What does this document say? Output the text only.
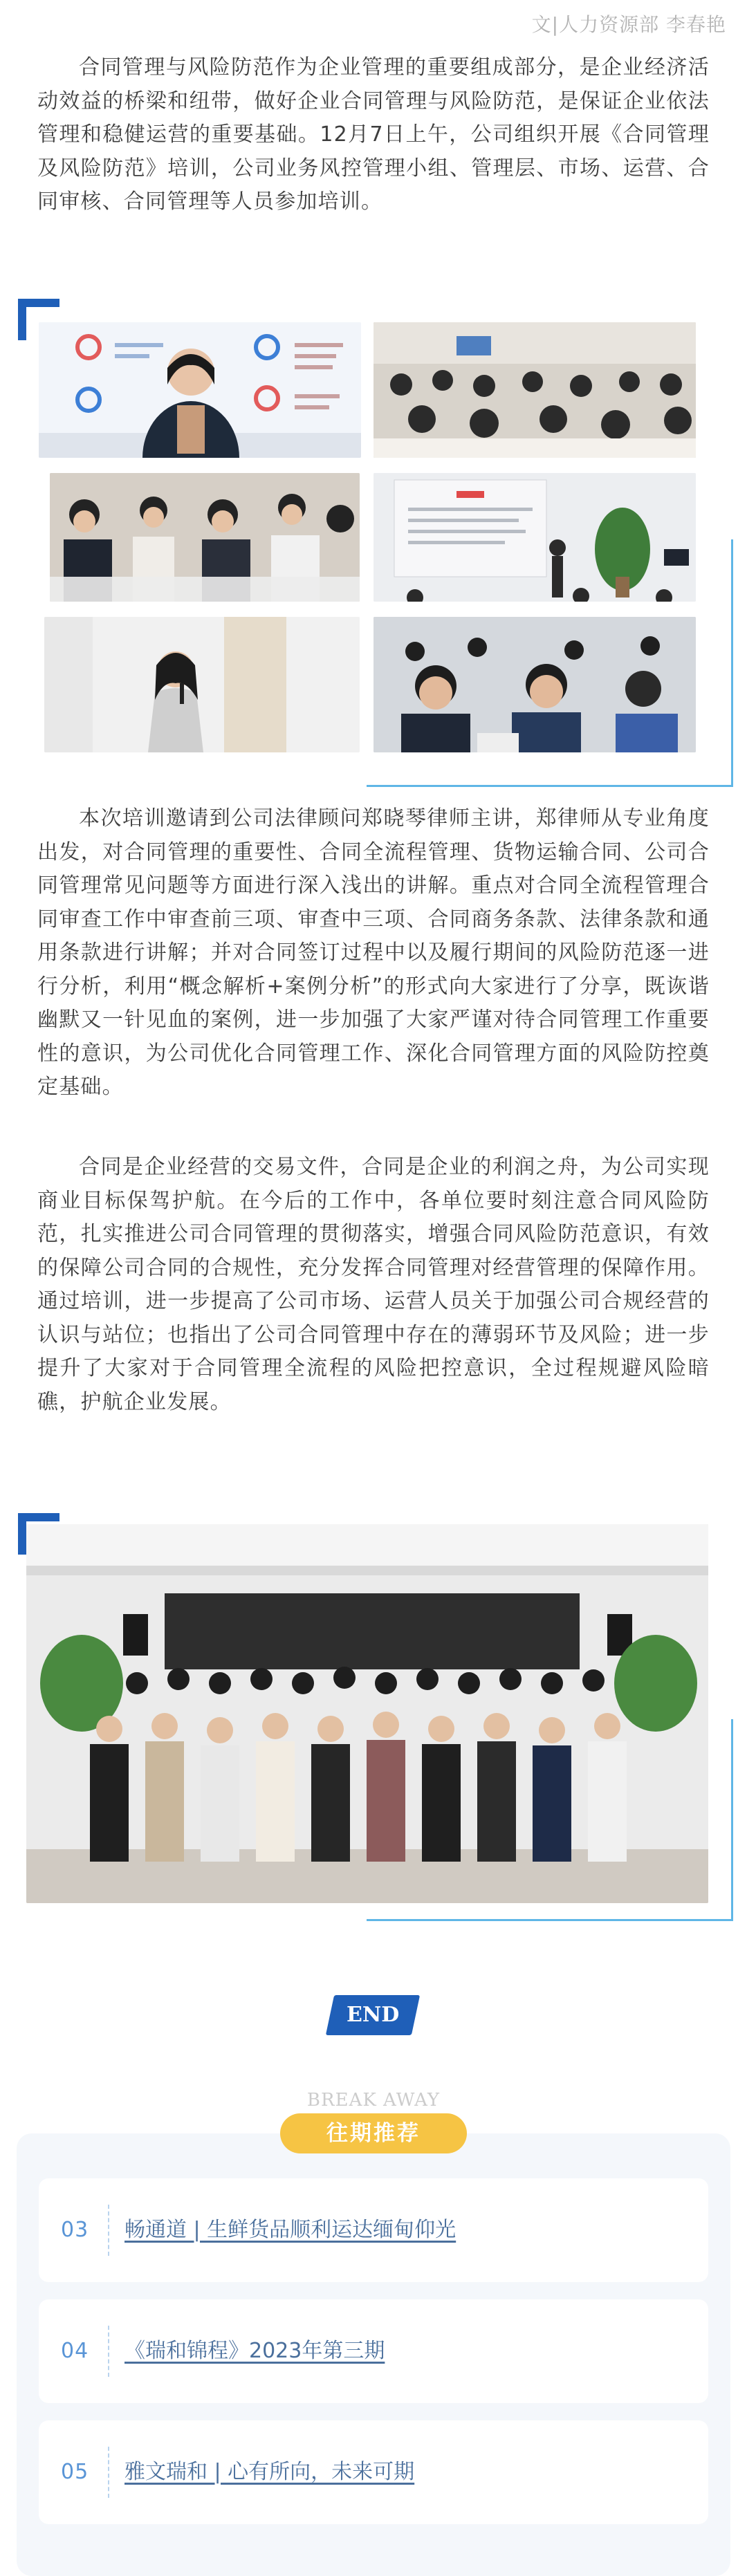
文|人力资源部 李春艳

合同管理与风险防范作为企业管理的重要组成部分，是企业经济活动效益的桥梁和纽带，做好企业合同管理与风险防范，是保证企业依法管理和稳健运营的重要基础。12月7日上午，公司组织开展《合同管理及风险防范》培训，公司业务风控管理小组、管理层、市场、运营、合同审核、合同管理等人员参加培训。

本次培训邀请到公司法律顾问郑晓琴律师主讲，郑律师从专业角度出发，对合同管理的重要性、合同全流程管理、货物运输合同、公司合同管理常见问题等方面进行深入浅出的讲解。重点对合同全流程管理合同审查工作中审查前三项、审查中三项、合同商务条款、法律条款和通用条款进行讲解；并对合同签订过程中以及履行期间的风险防范逐一进行分析，利用“概念解析+案例分析”的形式向大家进行了分享，既诙谐幽默又一针见血的案例，进一步加强了大家严谨对待合同管理工作重要性的意识，为公司优化合同管理工作、深化合同管理方面的风险防控奠定基础。

合同是企业经营的交易文件，合同是企业的利润之舟，为公司实现商业目标保驾护航。在今后的工作中，各单位要时刻注意合同风险防范，扎实推进公司合同管理的贯彻落实，增强合同风险防范意识，有效的保障公司合同的合规性，充分发挥合同管理对经营管理的保障作用。通过培训，进一步提高了公司市场、运营人员关于加强公司合规经营的认识与站位；也指出了公司合同管理中存在的薄弱环节及风险；进一步提升了大家对于合同管理全流程的风险把控意识，全过程规避风险暗礁，护航企业发展。

END
BREAK AWAY
往期推荐
03 畅通道 | 生鲜货品顺利运达缅甸仰光
04 《瑞和锦程》2023年第三期
05 雅文瑞和 | 心有所向，未来可期
